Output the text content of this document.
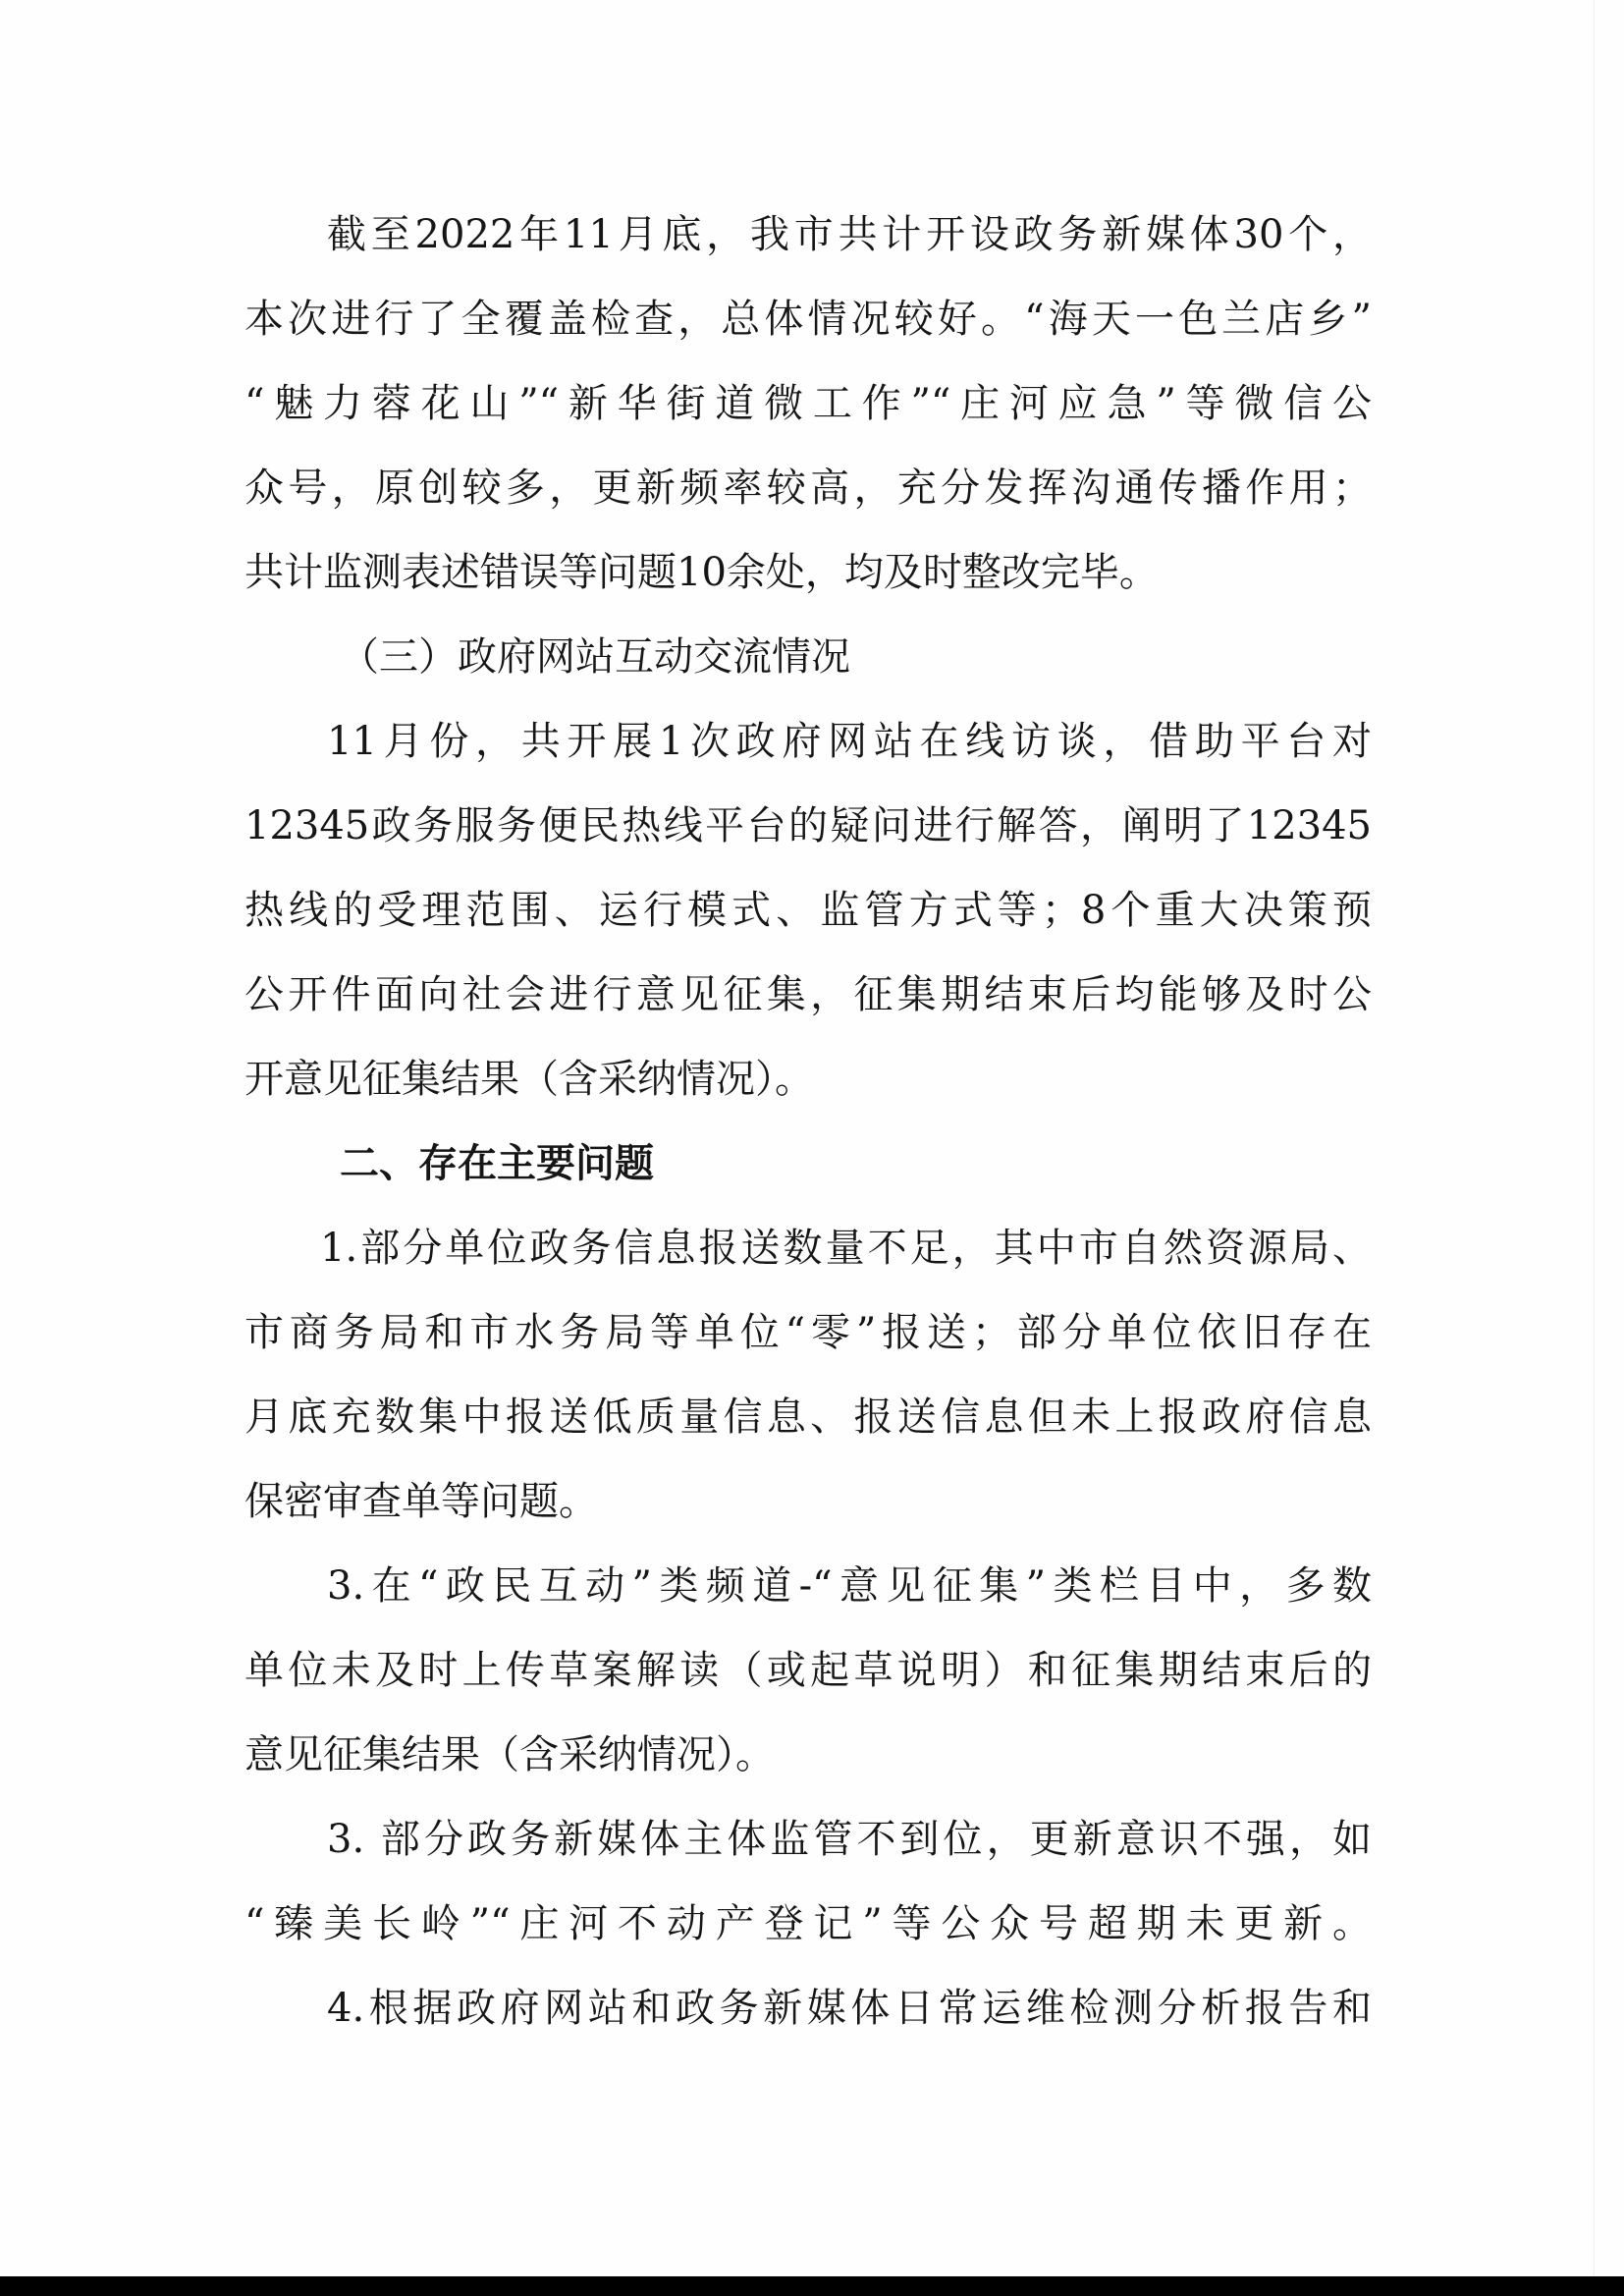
截至2022年11月底，我市共计开设政务新媒体30个，
本次进行了全覆盖检查，总体情况较好。“海天一色兰店乡”
“魅力蓉花山”“新华街道微工作”“庄河应急”等微信公
众号，原创较多，更新频率较高，充分发挥沟通传播作用；
共计监测表述错误等问题10余处，均及时整改完毕。
（三）政府网站互动交流情况
11月份，共开展1次政府网站在线访谈，借助平台对
12345政务服务便民热线平台的疑问进行解答，阐明了12345
热线的受理范围、运行模式、监管方式等；8个重大决策预
公开件面向社会进行意见征集，征集期结束后均能够及时公
开意见征集结果（含采纳情况）。
二、存在主要问题
1.部分单位政务信息报送数量不足，其中市自然资源局、
市商务局和市水务局等单位“零”报送；部分单位依旧存在
月底充数集中报送低质量信息、报送信息但未上报政府信息
保密审查单等问题。
3.在“政民互动”类频道-“意见征集”类栏目中，多数
单位未及时上传草案解读（或起草说明）和征集期结束后的
意见征集结果（含采纳情况）。
3. 部分政务新媒体主体监管不到位，更新意识不强，如
“臻美长岭”“庄河不动产登记”等公众号超期未更新。
4.根据政府网站和政务新媒体日常运维检测分析报告和
